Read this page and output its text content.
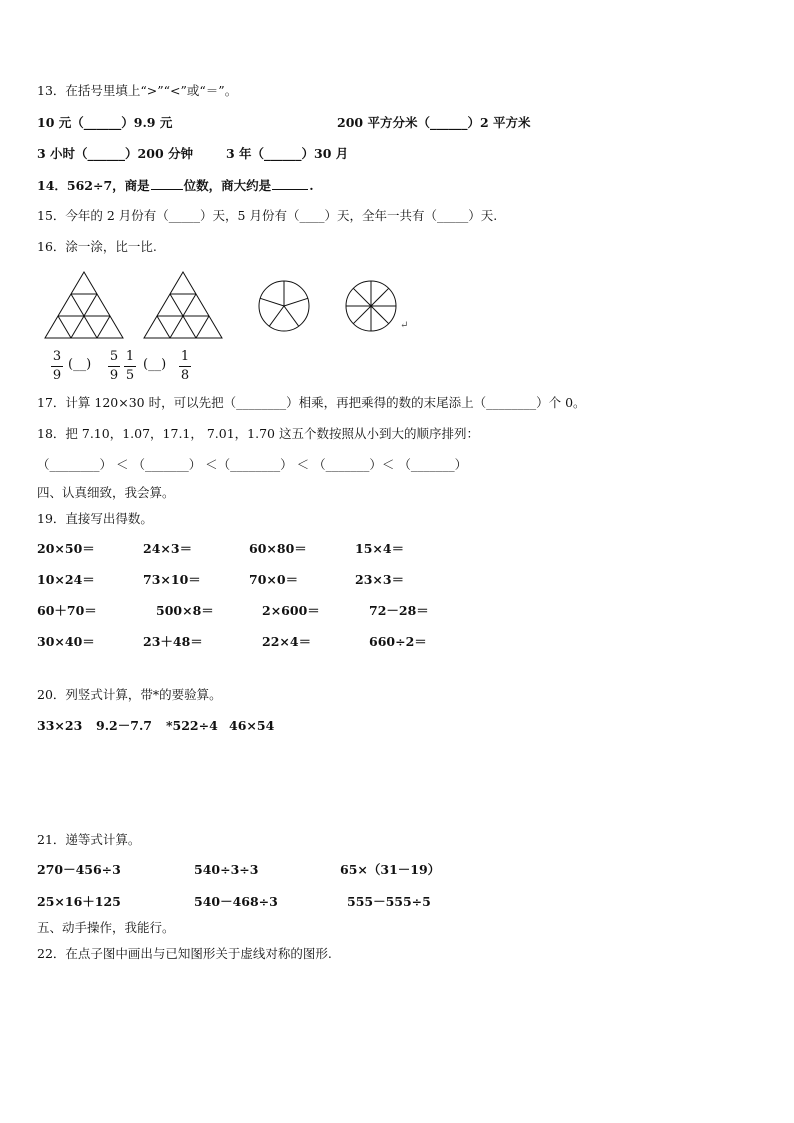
13．在括号里填上“>”“<”或“＝”。
10 元（______）9.9 元	200 平方分米（______）2 平方米
3 小时（______）200 分钟	3 年（______）30 月
14．562÷7，商是	位数，商大约是	.
15．今年的 2 月份有（_____）天，5 月份有（____）天，全年一共有（_____）天.
16．涂一涂，比一比.
↵
3
9
(__)
5
9
1
5
(__)
1
8
17．计算 120×30 时，可以先把（________）相乘，再把乘得的数的末尾添上（________）个 0。
18．把 7.10，1.07，17.1， 7.01，1.70 这五个数按照从小到大的顺序排列：
（________） ＜ （_______） ＜（________） ＜ （_______）＜ （_______）
四、认真细致，我会算。
19．直接写出得数。
20×50＝	24×3＝	60×80＝	15×4＝
10×24＝	73×10＝	70×0＝	23×3＝
60＋70＝	500×8＝	2×600＝	72－28＝
30×40＝	23＋48＝	22×4＝	660÷2＝
20．列竖式计算，带*的要验算。
33×23 9.2－7.7 *522÷4 46×54
21．递等式计算。
270－456÷3	540÷3÷3	65×（31－19）
25×16＋125	540－468÷3	555－555÷5
五、动手操作，我能行。
22．在点子图中画出与已知图形关于虚线对称的图形.
